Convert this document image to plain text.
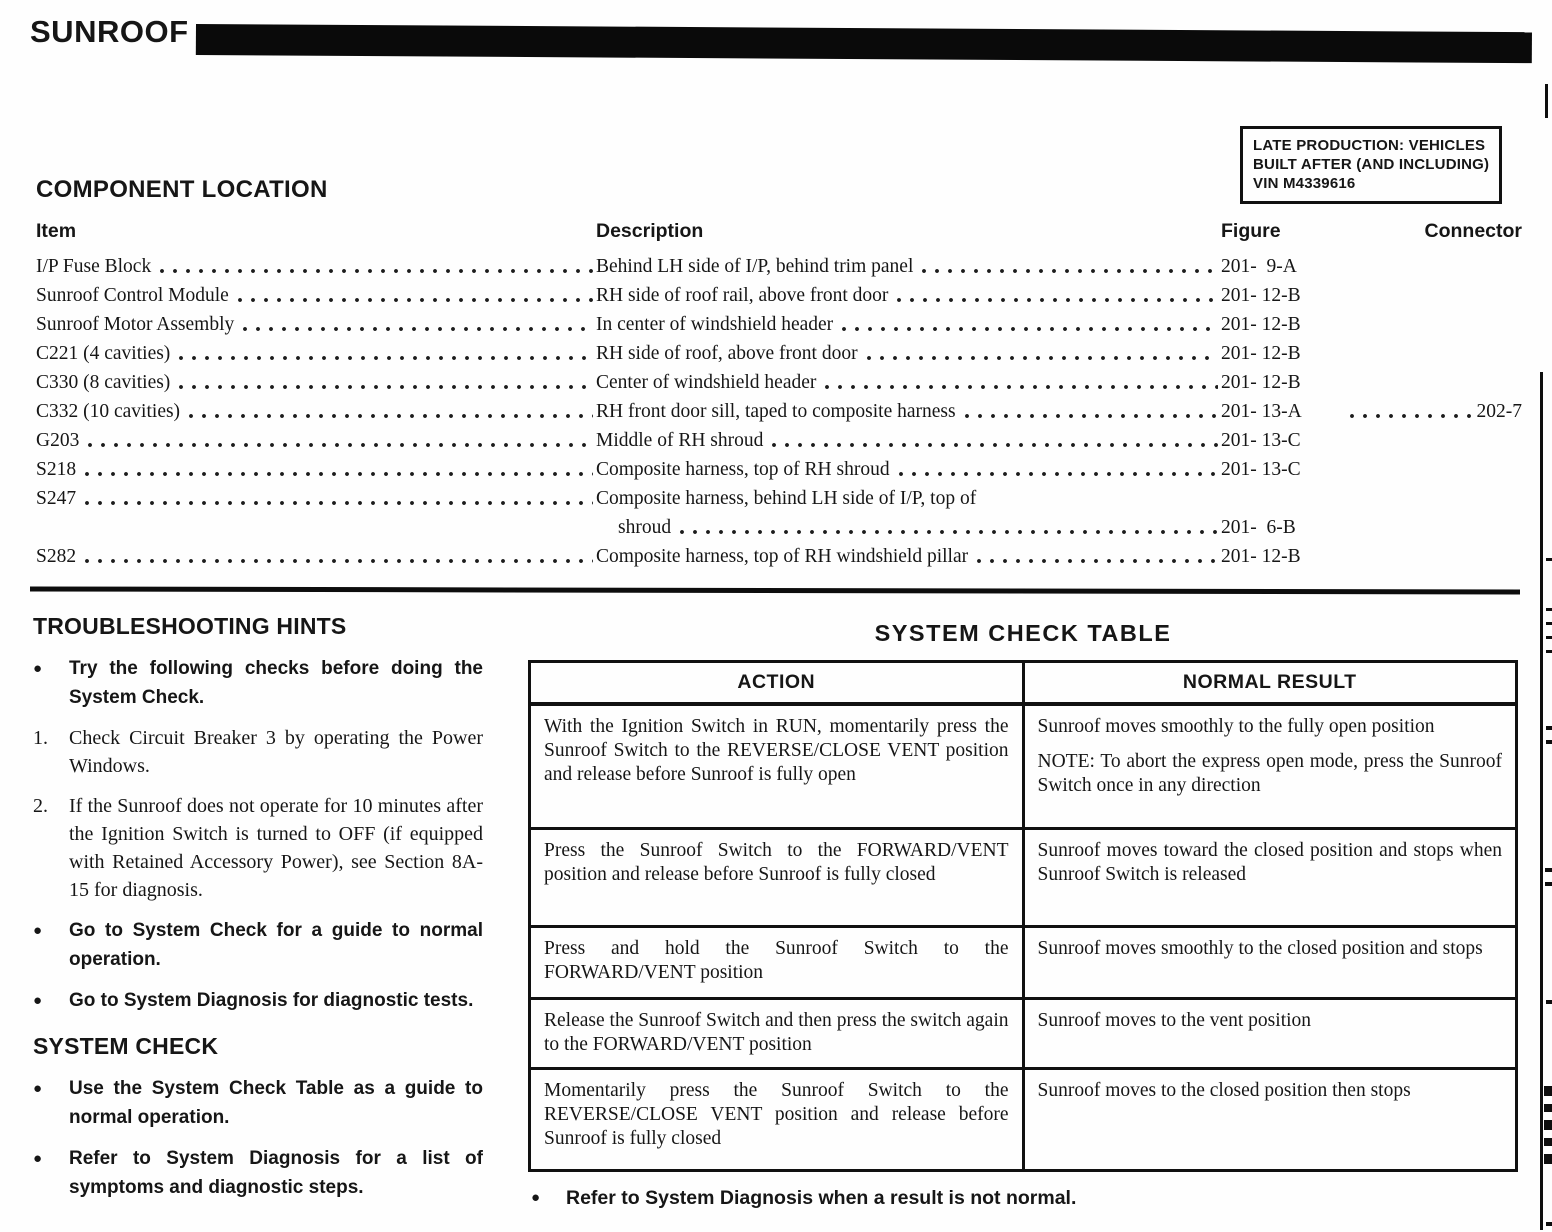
SUNROOF
LATE PRODUCTION: VEHICLES
BUILT AFTER (AND INCLUDING)
VIN M4339616
COMPONENT LOCATION
Item	Description	Figure	Connector
I/P Fuse Block	Behind LH side of I/P, behind trim panel	201-  9-A
Sunroof Control Module	RH side of roof rail, above front door	201- 12-B
Sunroof Motor Assembly	In center of windshield header	201- 12-B
C221 (4 cavities)	RH side of roof, above front door	201- 12-B
C330 (8 cavities)	Center of windshield header	201- 12-B
C332 (10 cavities)	RH front door sill, taped to composite harness	201- 13-A	202-7
G203	Middle of RH shroud	201- 13-C
S218	Composite harness, top of RH shroud	201- 13-C
S247	Composite harness, behind LH side of I/P, top of
shroud	201-  6-B
S282	Composite harness, top of RH windshield pillar	201- 12-B
TROUBLESHOOTING HINTS
●	Try the following checks before doing the System Check.
1.	Check Circuit Breaker 3 by operating the Power Windows.
2.	If the Sunroof does not operate for 10 minutes after the Ignition Switch is turned to OFF (if equipped with Retained Accessory Power), see Section 8A-15 for diagnosis.
●	Go to System Check for a guide to normal operation.
●	Go to System Diagnosis for diagnostic tests.
SYSTEM CHECK
●	Use the System Check Table as a guide to normal operation.
●	Refer to System Diagnosis for a list of symptoms and diagnostic steps.
SYSTEM CHECK TABLE
ACTION	NORMAL RESULT

With the Ignition Switch in RUN, momentarily press the Sunroof Switch to the REVERSE/CLOSE VENT position and release before Sunroof is fully open	Sunroof moves smoothly to the fully open position

NOTE: To abort the express open mode, press the Sunroof Switch once in any direction

Press the Sunroof Switch to the FORWARD/VENT position and release before Sunroof is fully closed	Sunroof moves toward the closed position and stops when Sunroof Switch is released

Press and hold the Sunroof Switch to the FORWARD/VENT position	Sunroof moves smoothly to the closed position and stops

Release the Sunroof Switch and then press the switch again to the FORWARD/VENT position	Sunroof moves to the vent position

Momentarily press the Sunroof Switch to the REVERSE/CLOSE VENT position and release before Sunroof is fully closed	Sunroof moves to the closed position then stops

●	Refer to System Diagnosis when a result is not normal.
